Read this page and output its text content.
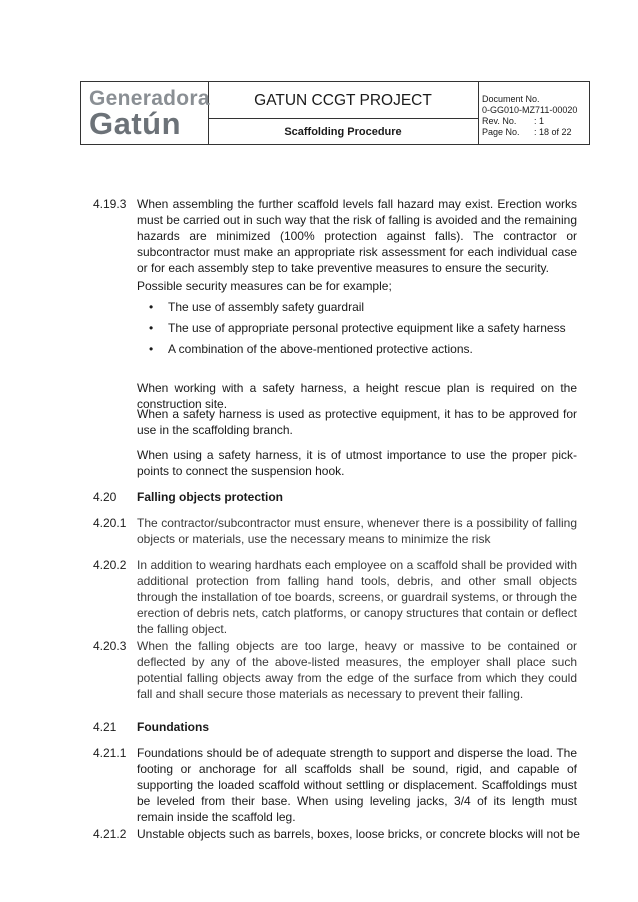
Generadora
Gatún
GATUN CCGT PROJECT
Scaffolding Procedure
Document No.
0-GG010-MZ711-00020
Rev. No. : 1
Page No. : 18 of 22
4.19.3 When assembling the further scaffold levels fall hazard may exist. Erection works must be carried out in such way that the risk of falling is avoided and the remaining hazards are minimized (100% protection against falls). The contractor or subcontractor must make an appropriate risk assessment for each individual case or for each assembly step to take preventive measures to ensure the security.
Possible security measures can be for example;
• The use of assembly safety guardrail
• The use of appropriate personal protective equipment like a safety harness
• A combination of the above-mentioned protective actions.
When working with a safety harness, a height rescue plan is required on the construction site.
When a safety harness is used as protective equipment, it has to be approved for use in the scaffolding branch.
When using a safety harness, it is of utmost importance to use the proper pick-points to connect the suspension hook.
4.20 Falling objects protection
4.20.1 The contractor/subcontractor must ensure, whenever there is a possibility of falling objects or materials, use the necessary means to minimize the risk
4.20.2 In addition to wearing hardhats each employee on a scaffold shall be provided with additional protection from falling hand tools, debris, and other small objects through the installation of toe boards, screens, or guardrail systems, or through the erection of debris nets, catch platforms, or canopy structures that contain or deflect the falling object.
4.20.3 When the falling objects are too large, heavy or massive to be contained or deflected by any of the above-listed measures, the employer shall place such potential falling objects away from the edge of the surface from which they could fall and shall secure those materials as necessary to prevent their falling.
4.21 Foundations
4.21.1 Foundations should be of adequate strength to support and disperse the load. The footing or anchorage for all scaffolds shall be sound, rigid, and capable of supporting the loaded scaffold without settling or displacement. Scaffoldings must be leveled from their base. When using leveling jacks, 3/4 of its length must remain inside the scaffold leg.
4.21.2 Unstable objects such as barrels, boxes, loose bricks, or concrete blocks will not be
